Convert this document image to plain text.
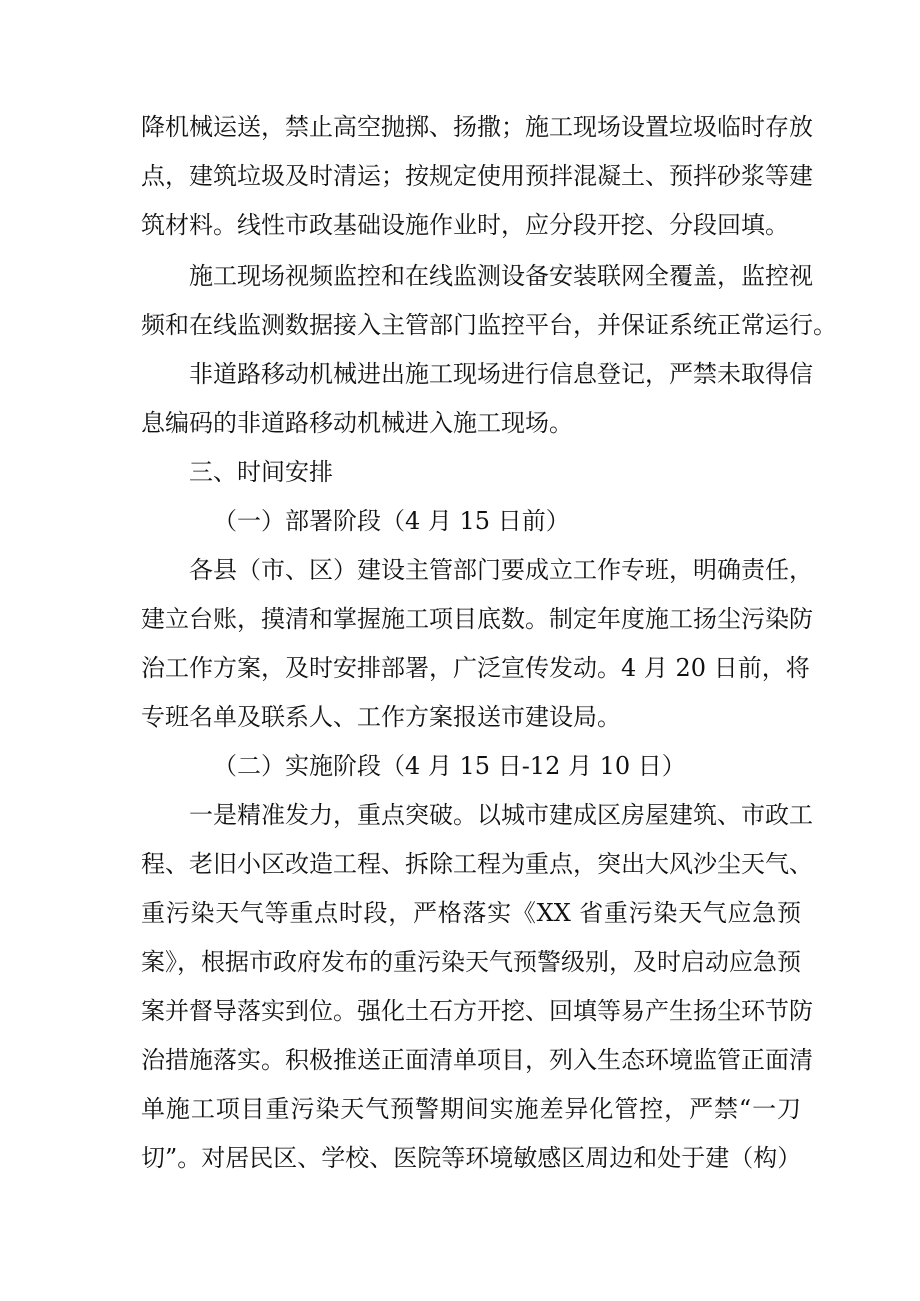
降机械运送，禁止高空抛掷、扬撒；施工现场设置垃圾临时存放
点，建筑垃圾及时清运；按规定使用预拌混凝土、预拌砂浆等建
筑材料。线性市政基础设施作业时，应分段开挖、分段回填。
施工现场视频监控和在线监测设备安装联网全覆盖，监控视
频和在线监测数据接入主管部门监控平台，并保证系统正常运行。
非道路移动机械进出施工现场进行信息登记，严禁未取得信
息编码的非道路移动机械进入施工现场。
三、时间安排
（一）部署阶段（4 月 15 日前）
各县（市、区）建设主管部门要成立工作专班，明确责任，
建立台账，摸清和掌握施工项目底数。制定年度施工扬尘污染防
治工作方案，及时安排部署，广泛宣传发动。4 月 20 日前，将
专班名单及联系人、工作方案报送市建设局。
（二）实施阶段（4 月 15 日-12 月 10 日）
一是精准发力，重点突破。以城市建成区房屋建筑、市政工
程、老旧小区改造工程、拆除工程为重点，突出大风沙尘天气、
重污染天气等重点时段，严格落实《XX 省重污染天气应急预
案》，根据市政府发布的重污染天气预警级别，及时启动应急预
案并督导落实到位。强化土石方开挖、回填等易产生扬尘环节防
治措施落实。积极推送正面清单项目，列入生态环境监管正面清
单施工项目重污染天气预警期间实施差异化管控，严禁“一刀
切”。对居民区、学校、医院等环境敏感区周边和处于建（构）
